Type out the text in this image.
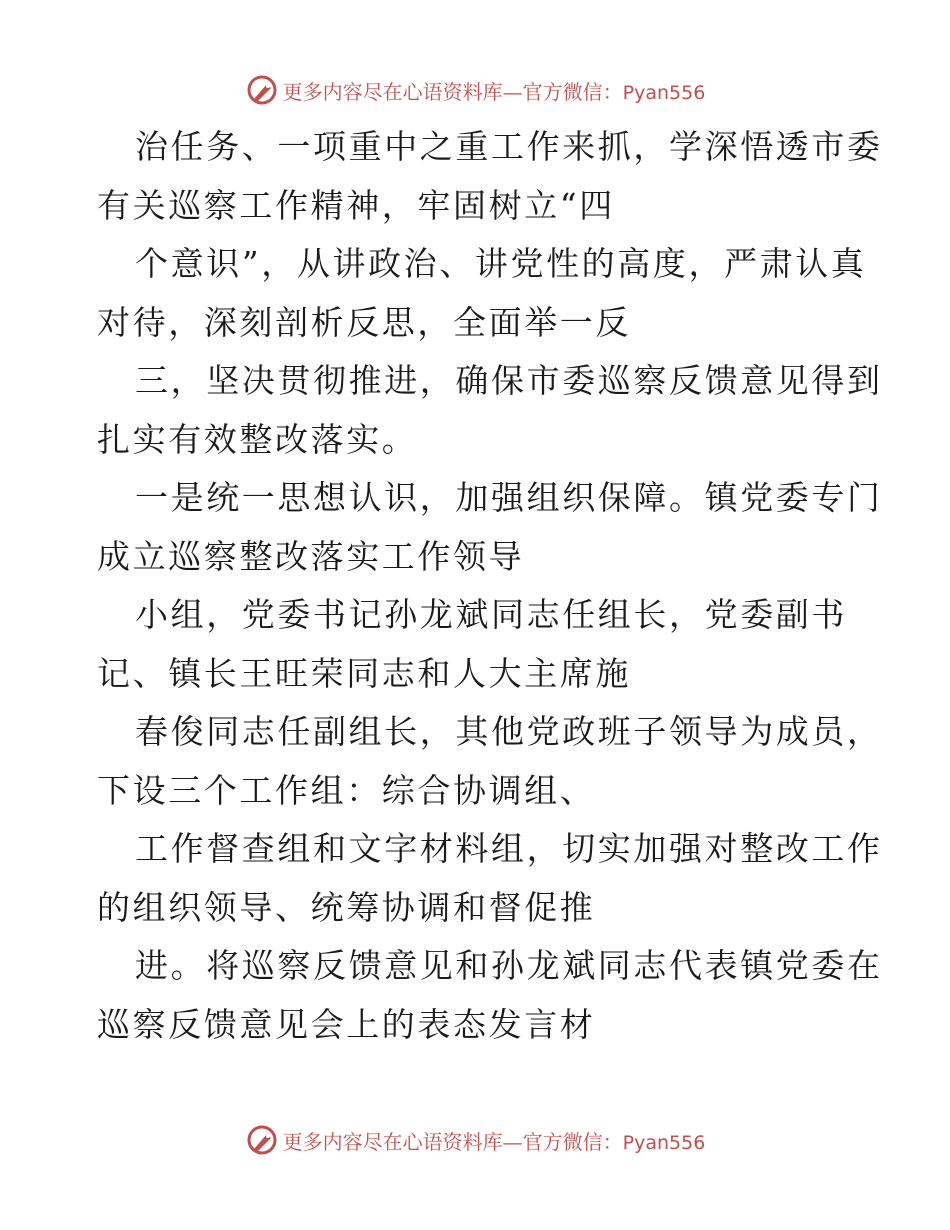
更多内容尽在心语资料库—官方微信：Pyan556
治任务、一项重中之重工作来抓，学深悟透市委
有关巡察工作精神，牢固树立“四
个意识”，从讲政治、讲党性的高度，严肃认真
对待，深刻剖析反思，全面举一反
三，坚决贯彻推进，确保市委巡察反馈意见得到
扎实有效整改落实。
一是统一思想认识，加强组织保障。镇党委专门
成立巡察整改落实工作领导
小组，党委书记孙龙斌同志任组长，党委副书
记、镇长王旺荣同志和人大主席施
春俊同志任副组长，其他党政班子领导为成员，
下设三个工作组：综合协调组、
工作督查组和文字材料组，切实加强对整改工作
的组织领导、统筹协调和督促推
进。将巡察反馈意见和孙龙斌同志代表镇党委在
巡察反馈意见会上的表态发言材
更多内容尽在心语资料库—官方微信：Pyan556
